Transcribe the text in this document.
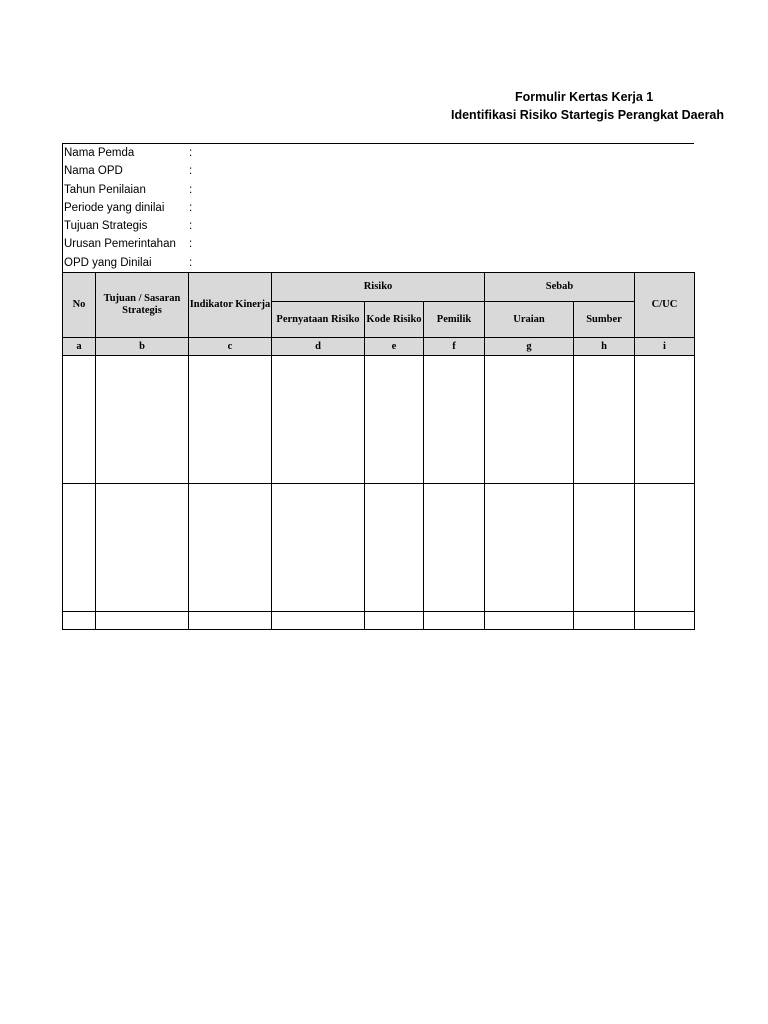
Formulir Kertas Kerja 1
Identifikasi Risiko Startegis Perangkat Daerah
Nama Pemda	:
Nama OPD	:
Tahun Penilaian	:
Periode yang dinilai	:
Tujuan Strategis	:
Urusan Pemerintahan	:
OPD yang Dinilai	:
No	Tujuan / Sasaran Strategis	Indikator Kinerja	Risiko			Sebab		C/UC
			Pernyataan Risiko	Kode Risiko	Pemilik	Uraian	Sumber	
a	b	c	d	e	f	g	h	i
